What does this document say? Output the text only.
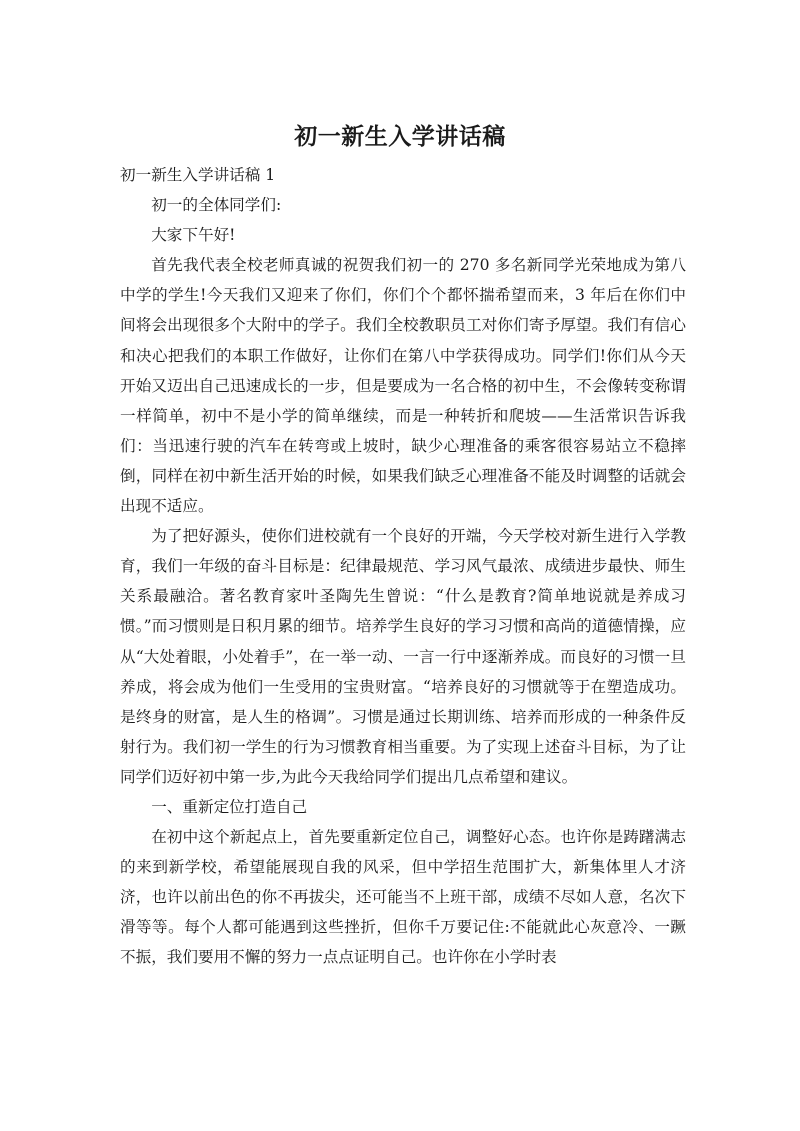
初一新生入学讲话稿

初一新生入学讲话稿 1

初一的全体同学们:

大家下午好!

首先我代表全校老师真诚的祝贺我们初一的 270 多名新同学光荣地成为第八中学的学生!今天我们又迎来了你们，你们个个都怀揣希望而来，3 年后在你们中间将会出现很多个大附中的学子。我们全校教职员工对你们寄予厚望。我们有信心和决心把我们的本职工作做好，让你们在第八中学获得成功。同学们!你们从今天开始又迈出自己迅速成长的一步，但是要成为一名合格的初中生，不会像转变称谓一样简单，初中不是小学的简单继续，而是一种转折和爬坡——生活常识告诉我们：当迅速行驶的汽车在转弯或上坡时，缺少心理准备的乘客很容易站立不稳摔倒，同样在初中新生活开始的时候，如果我们缺乏心理准备不能及时调整的话就会出现不适应。

为了把好源头，使你们进校就有一个良好的开端，今天学校对新生进行入学教育，我们一年级的奋斗目标是：纪律最规范、学习风气最浓、成绩进步最快、师生关系最融洽。著名教育家叶圣陶先生曾说：“什么是教育?简单地说就是养成习惯。”而习惯则是日积月累的细节。培养学生良好的学习习惯和高尚的道德情操，应从“大处着眼，小处着手”，在一举一动、一言一行中逐渐养成。而良好的习惯一旦养成，将会成为他们一生受用的宝贵财富。“培养良好的习惯就等于在塑造成功。是终身的财富，是人生的格调”。习惯是通过长期训练、培养而形成的一种条件反射行为。我们初一学生的行为习惯教育相当重要。为了实现上述奋斗目标，为了让同学们迈好初中第一步,为此今天我给同学们提出几点希望和建议。

一、重新定位打造自己

在初中这个新起点上，首先要重新定位自己，调整好心态。也许你是踌躇满志的来到新学校，希望能展现自我的风采，但中学招生范围扩大，新集体里人才济济，也许以前出色的你不再拔尖，还可能当不上班干部，成绩不尽如人意，名次下滑等等。每个人都可能遇到这些挫折，但你千万要记住:不能就此心灰意冷、一蹶不振，我们要用不懈的努力一点点证明自己。也许你在小学时表
